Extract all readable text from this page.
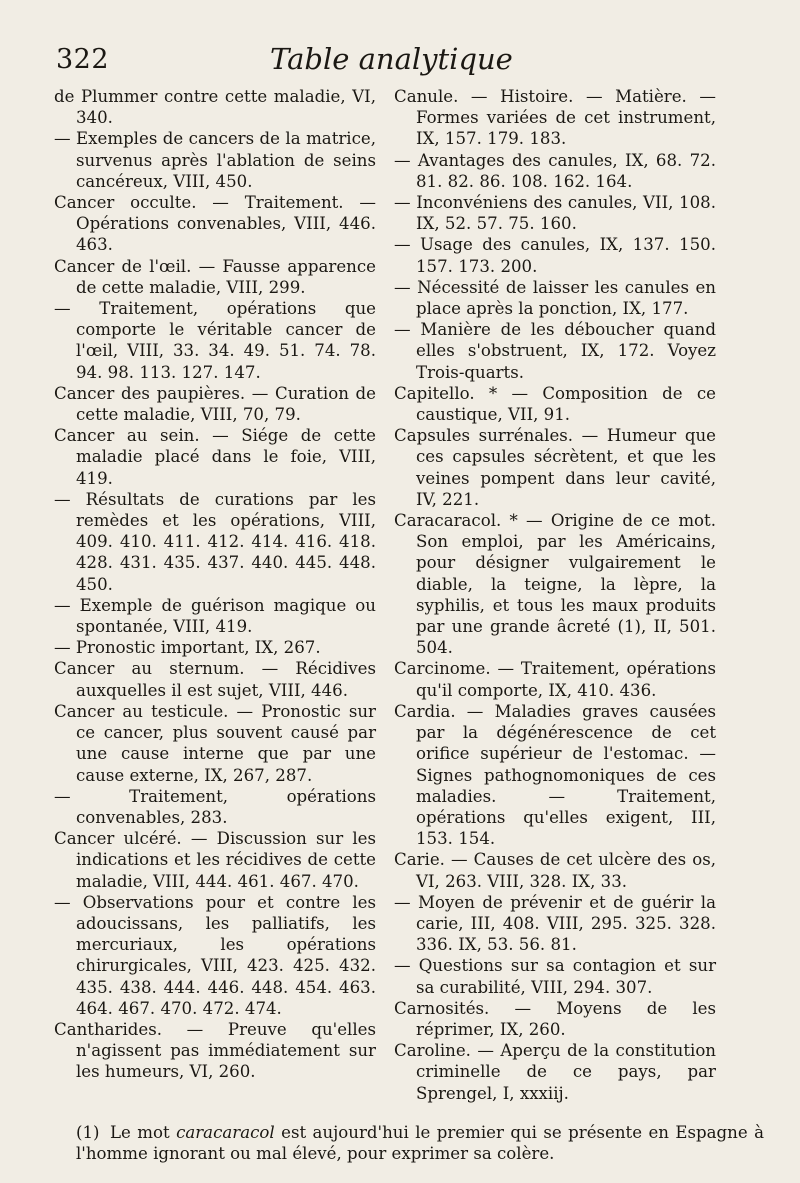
322	Table analytique
de Plummer contre cette maladie, VI, 340.
— Exemples de cancers de la matrice, survenus après l'ablation de seins cancéreux, VIII, 450.
Cancer occulte. — Traitement. — Opérations convenables, VIII, 446. 463.
Cancer de l'œil. — Fausse apparence de cette maladie, VIII, 299.
— Traitement, opérations que comporte le véritable cancer de l'œil, VIII, 33. 34. 49. 51. 74. 78. 94. 98. 113. 127. 147.
Cancer des paupières. — Curation de cette maladie, VIII, 70, 79.
Cancer au sein. — Siége de cette maladie placé dans le foie, VIII, 419.
— Résultats de curations par les remèdes et les opérations, VIII, 409. 410. 411. 412. 414. 416. 418. 428. 431. 435. 437. 440. 445. 448. 450.
— Exemple de guérison magique ou spontanée, VIII, 419.
— Pronostic important, IX, 267.
Cancer au sternum. — Récidives auxquelles il est sujet, VIII, 446.
Cancer au testicule. — Pronostic sur ce cancer, plus souvent causé par une cause interne que par une cause externe, IX, 267, 287.
— Traitement, opérations convenables, 283.
Cancer ulcéré. — Discussion sur les indications et les récidives de cette maladie, VIII, 444. 461. 467. 470.
— Observations pour et contre les adoucissans, les palliatifs, les mercuriaux, les opérations chirurgicales, VIII, 423. 425. 432. 435. 438. 444. 446. 448. 454. 463. 464. 467. 470. 472. 474.
Cantharides. — Preuve qu'elles n'agissent pas immédiatement sur les humeurs, VI, 260.
Canule. — Histoire. — Matière. — Formes variées de cet instrument, IX, 157. 179. 183.
— Avantages des canules, IX, 68. 72. 81. 82. 86. 108. 162. 164.
— Inconvéniens des canules, VII, 108. IX, 52. 57. 75. 160.
— Usage des canules, IX, 137. 150. 157. 173. 200.
— Nécessité de laisser les canules en place après la ponction, IX, 177.
— Manière de les déboucher quand elles s'obstruent, IX, 172. Voyez Trois-quarts.
Capitello. * — Composition de ce caustique, VII, 91.
Capsules surrénales. — Humeur que ces capsules sécrètent, et que les veines pompent dans leur cavité, IV, 221.
Caracaracol. * — Origine de ce mot. Son emploi, par les Américains, pour désigner vulgairement le diable, la teigne, la lèpre, la syphilis, et tous les maux produits par une grande âcreté (1), II, 501. 504.
Carcinome. — Traitement, opérations qu'il comporte, IX, 410. 436.
Cardia. — Maladies graves causées par la dégénérescence de cet orifice supérieur de l'estomac. — Signes pathognomoniques de ces maladies. — Traitement, opérations qu'elles exigent, III, 153. 154.
Carie. — Causes de cet ulcère des os, VI, 263. VIII, 328. IX, 33.
— Moyen de prévenir et de guérir la carie, III, 408. VIII, 295. 325. 328. 336. IX, 53. 56. 81.
— Questions sur sa contagion et sur sa curabilité, VIII, 294. 307.
Carnosités. — Moyens de les réprimer, IX, 260.
Caroline. — Aperçu de la constitution criminelle de ce pays, par Sprengel, I, xxxiij.
(1) Le mot caracaracol est aujourd'hui le premier qui se présente en Espagne à l'homme ignorant ou mal élevé, pour exprimer sa colère.
